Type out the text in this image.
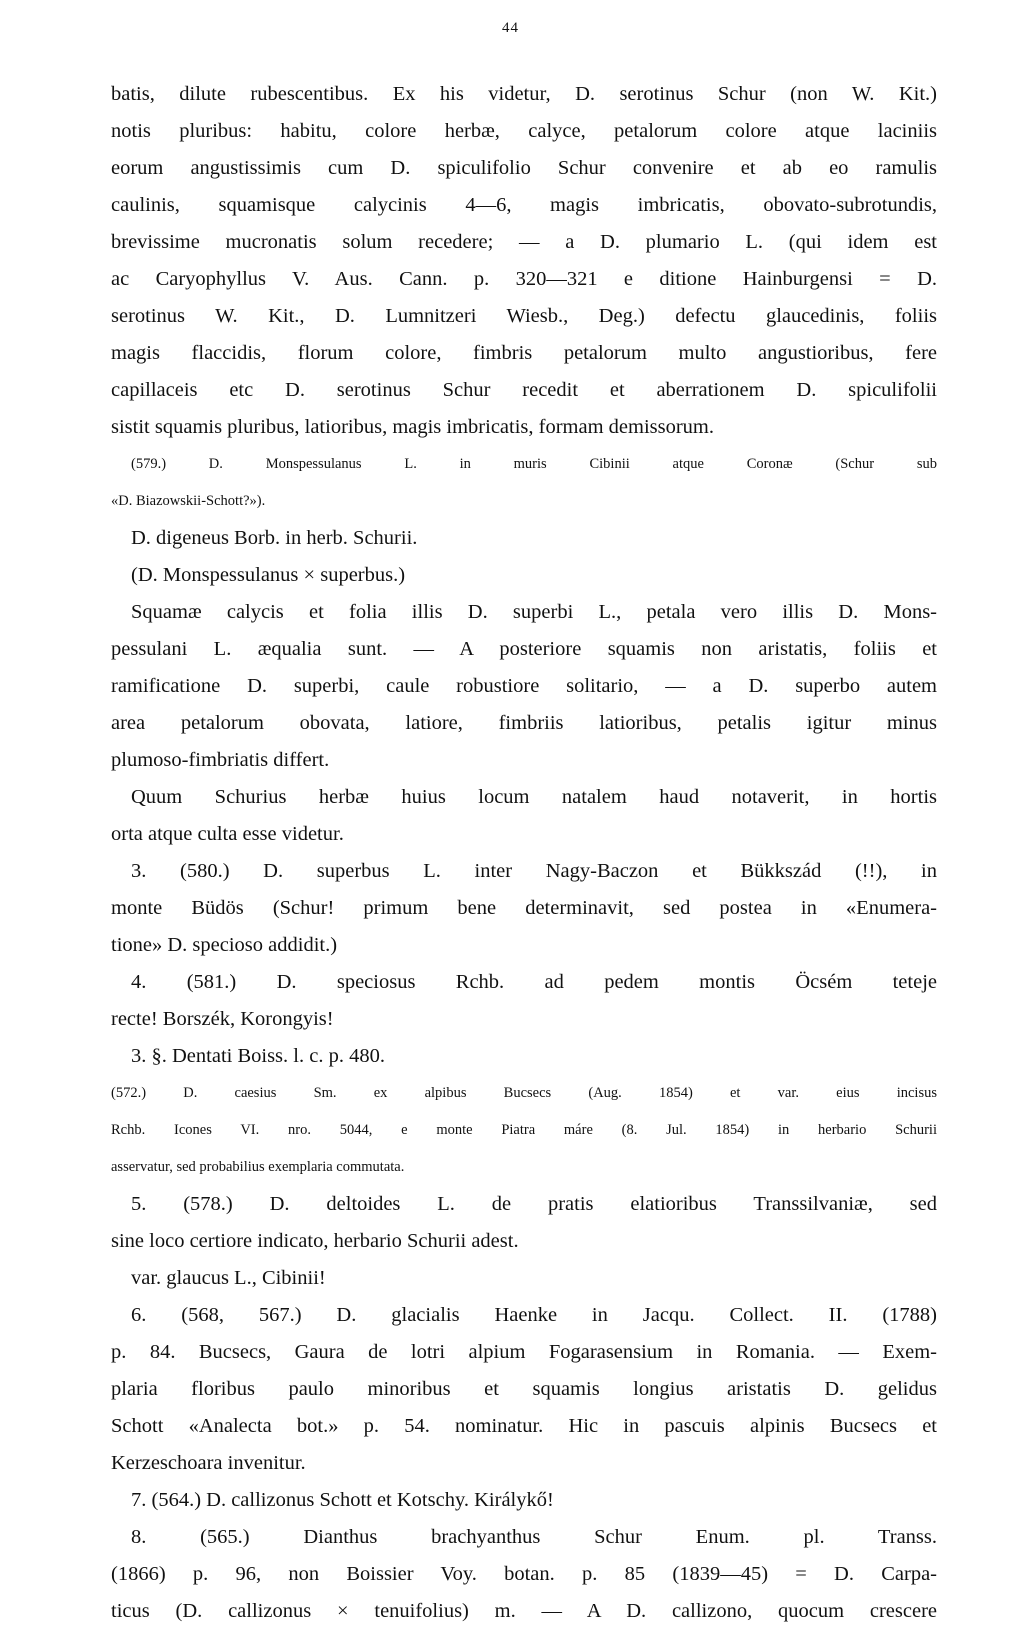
44
batis, dilute rubescentibus. Ex his videtur, D. serotinus Schur (non W. Kit.)
notis pluribus: habitu, colore herbæ, calyce, petalorum colore atque laciniis
eorum angustissimis cum D. spiculifolio Schur convenire et ab eo ramulis
caulinis, squamisque calycinis 4—6, magis imbricatis, obovato-subrotundis,
brevissime mucronatis solum recedere; — a D. plumario L. (qui idem est
ac Caryophyllus V. Aus. Cann. p. 320—321 e ditione Hainburgensi = D.
serotinus W. Kit., D. Lumnitzeri Wiesb., Deg.) defectu glaucedinis, foliis
magis flaccidis, florum colore, fimbris petalorum multo angustioribus, fere
capillaceis etc D. serotinus Schur recedit et aberrationem D. spiculifolii
sistit squamis pluribus, latioribus, magis imbricatis, formam demissorum.
(579.) D. Monspessulanus L. in muris Cibinii atque Coronæ (Schur sub
«D. Biazowskii-Schott?»).
D. digeneus Borb. in herb. Schurii.
(D. Monspessulanus × superbus.)
Squamæ calycis et folia illis D. superbi L., petala vero illis D. Mons-
pessulani L. æqualia sunt. — A posteriore squamis non aristatis, foliis et
ramificatione D. superbi, caule robustiore solitario, — a D. superbo autem
area petalorum obovata, latiore, fimbriis latioribus, petalis igitur minus
plumoso-fimbriatis differt.
Quum Schurius herbæ huius locum natalem haud notaverit, in hortis
orta atque culta esse videtur.
3. (580.) D. superbus L. inter Nagy-Baczon et Bükkszád (!!), in
monte Büdös (Schur! primum bene determinavit, sed postea in «Enumera-
tione» D. specioso addidit.)
4. (581.) D. speciosus Rchb. ad pedem montis Öcsém teteje
recte! Borszék, Korongyis!
3. §. Dentati Boiss. l. c. p. 480.
(572.) D. caesius Sm. ex alpibus Bucsecs (Aug. 1854) et var. eius incisus
Rchb. Icones VI. nro. 5044, e monte Piatra máre (8. Jul. 1854) in herbario Schurii
asservatur, sed probabilius exemplaria commutata.
5. (578.) D. deltoides L. de pratis elatioribus Transsilvaniæ, sed
sine loco certiore indicato, herbario Schurii adest.
var. glaucus L., Cibinii!
6. (568, 567.) D. glacialis Haenke in Jacqu. Collect. II. (1788)
p. 84. Bucsecs, Gaura de lotri alpium Fogarasensium in Romania. — Exem-
plaria floribus paulo minoribus et squamis longius aristatis D. gelidus
Schott «Analecta bot.» p. 54. nominatur. Hic in pascuis alpinis Bucsecs et
Kerzeschoara invenitur.
7. (564.) D. callizonus Schott et Kotschy. Királykő!
8. (565.) Dianthus brachyanthus Schur Enum. pl. Transs.
(1866) p. 96, non Boissier Voy. botan. p. 85 (1839—45) = D. Carpa-
ticus (D. callizonus × tenuifolius) m. — A D. callizono, quocum crescere
